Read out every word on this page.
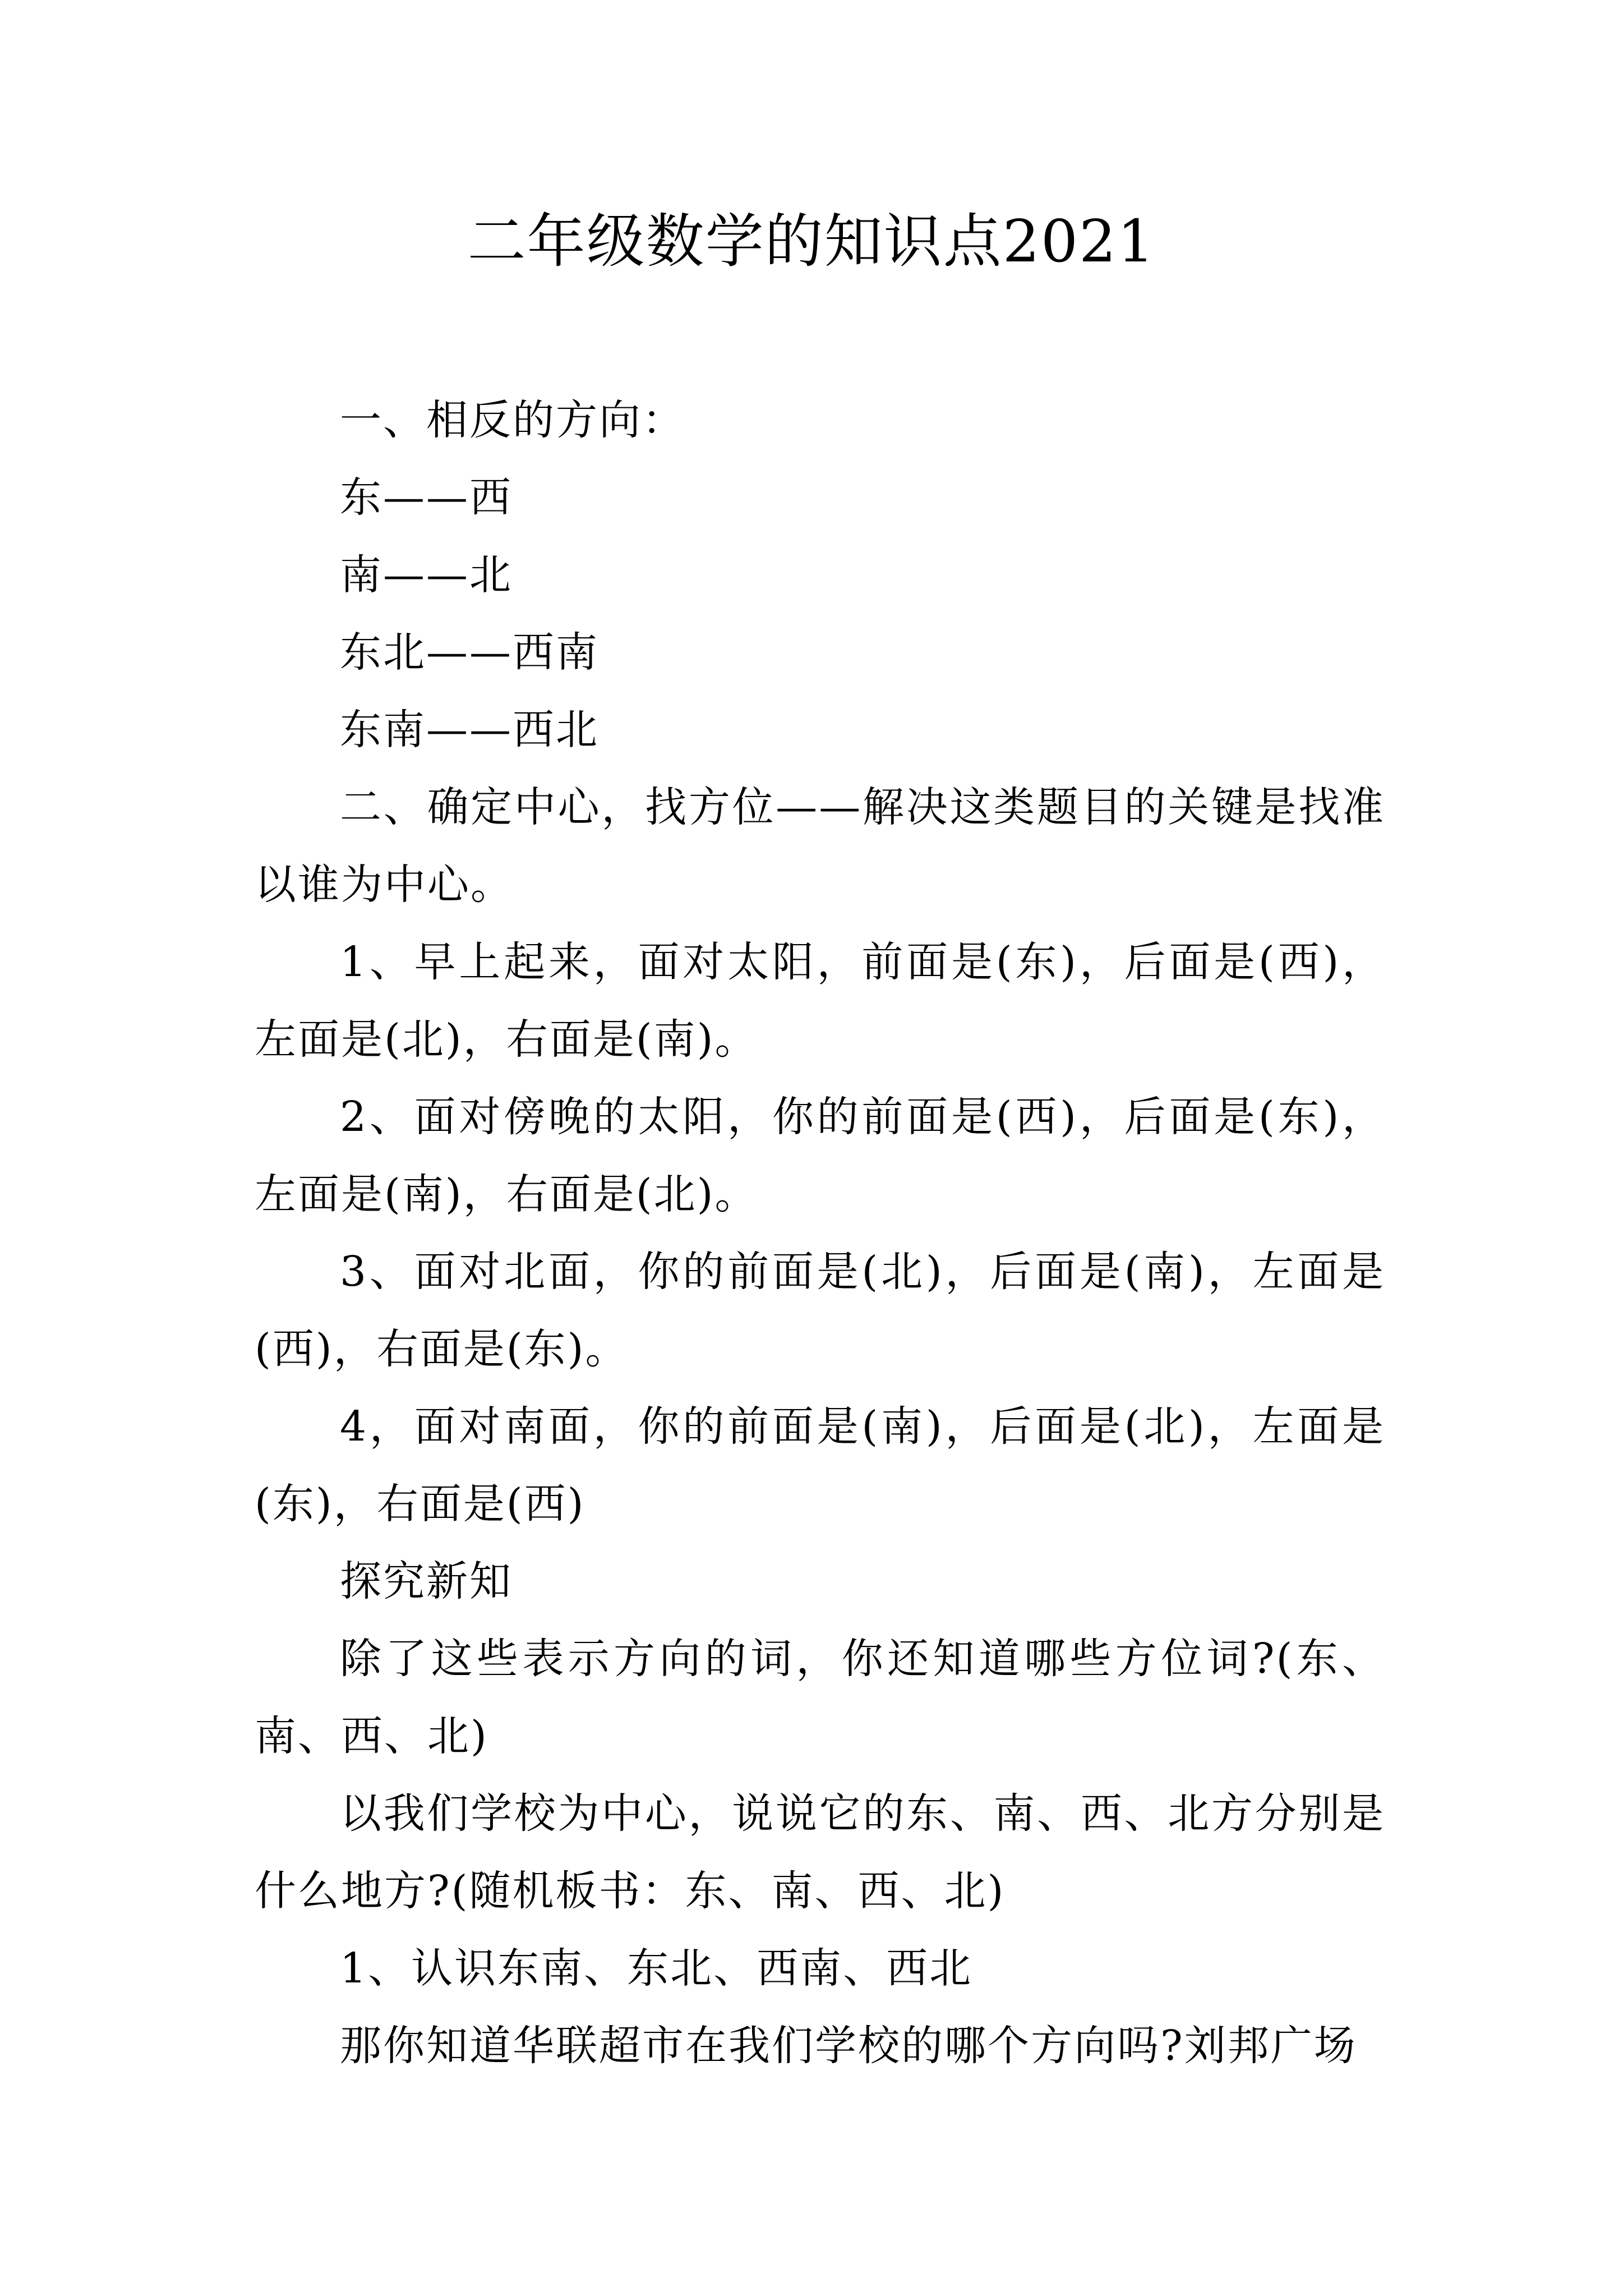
二年级数学的知识点2021

一、相反的方向：

东——西

南——北

东北——西南

东南——西北

二、确定中心，找方位——解决这类题目的关键是找准以谁为中心。

1、早上起来，面对太阳，前面是(东)，后面是(西)，左面是(北)，右面是(南)。

2、面对傍晚的太阳，你的前面是(西)，后面是(东)，左面是(南)，右面是(北)。

3、面对北面，你的前面是(北)，后面是(南)，左面是(西)，右面是(东)。

4，面对南面，你的前面是(南)，后面是(北)，左面是(东)，右面是(西)

探究新知

除了这些表示方向的词，你还知道哪些方位词?(东、南、西、北)

以我们学校为中心，说说它的东、南、西、北方分别是什么地方?(随机板书：东、南、西、北)

1、认识东南、东北、西南、西北

那你知道华联超市在我们学校的哪个方向吗?刘邦广场
